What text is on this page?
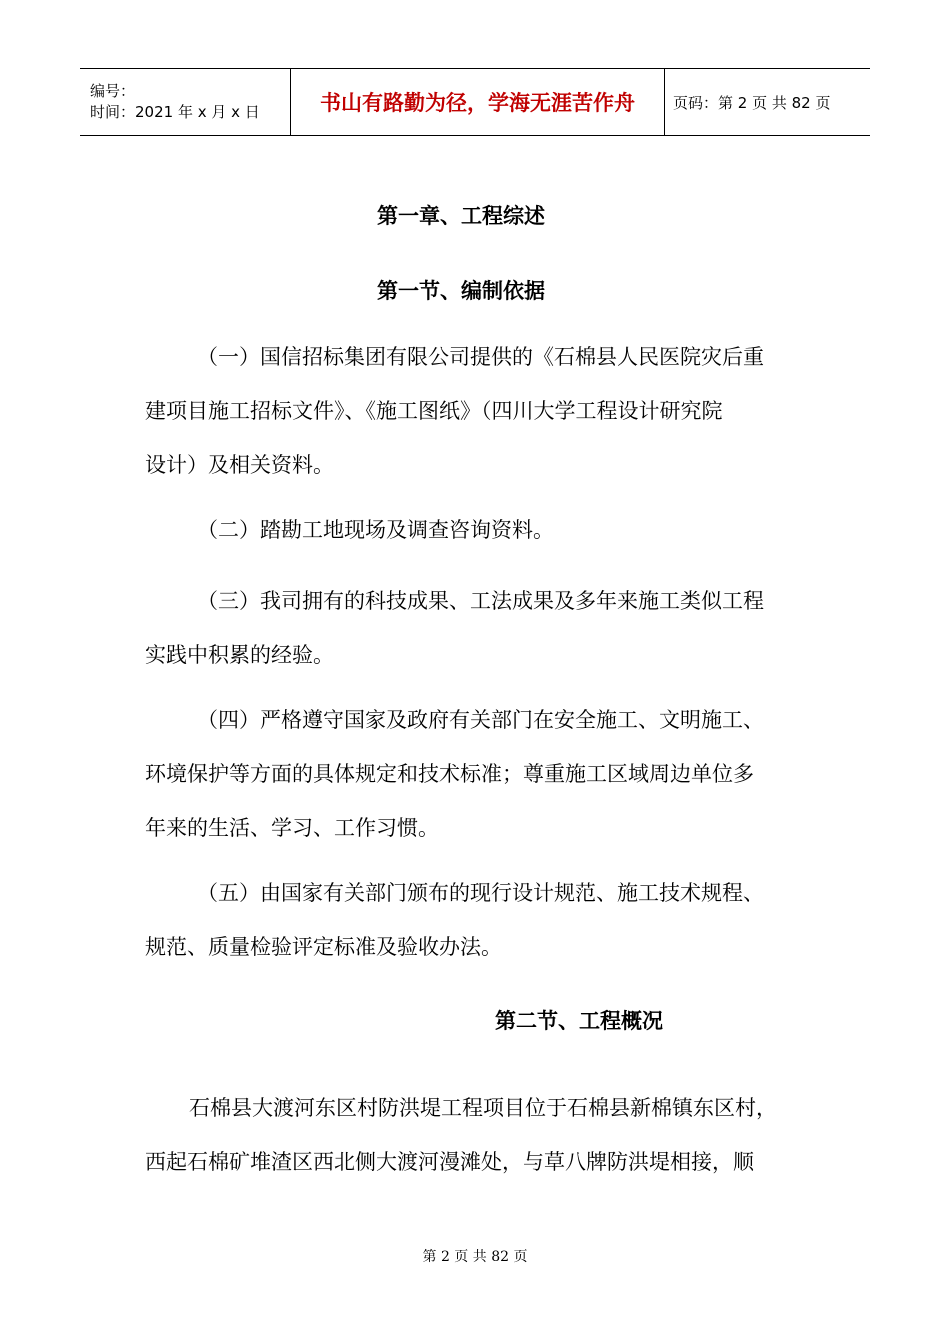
编号：
时间：2021 年 x 月 x 日	书山有路勤为径，学海无涯苦作舟	页码：第 2 页 共 82 页
第一章、工程综述
第一节、编制依据
（一）国信招标集团有限公司提供的《石棉县人民医院灾后重
建项目施工招标文件》、《施工图纸》（四川大学工程设计研究院
设计）及相关资料。
（二）踏勘工地现场及调查咨询资料。
（三）我司拥有的科技成果、工法成果及多年来施工类似工程
实践中积累的经验。
（四）严格遵守国家及政府有关部门在安全施工、文明施工、
环境保护等方面的具体规定和技术标准；尊重施工区域周边单位多
年来的生活、学习、工作习惯。
（五）由国家有关部门颁布的现行设计规范、施工技术规程、
规范、质量检验评定标准及验收办法。
第二节、工程概况
石棉县大渡河东区村防洪堤工程项目位于石棉县新棉镇东区村，
西起石棉矿堆渣区西北侧大渡河漫滩处，与草八牌防洪堤相接，顺
第 2 页 共 82 页
